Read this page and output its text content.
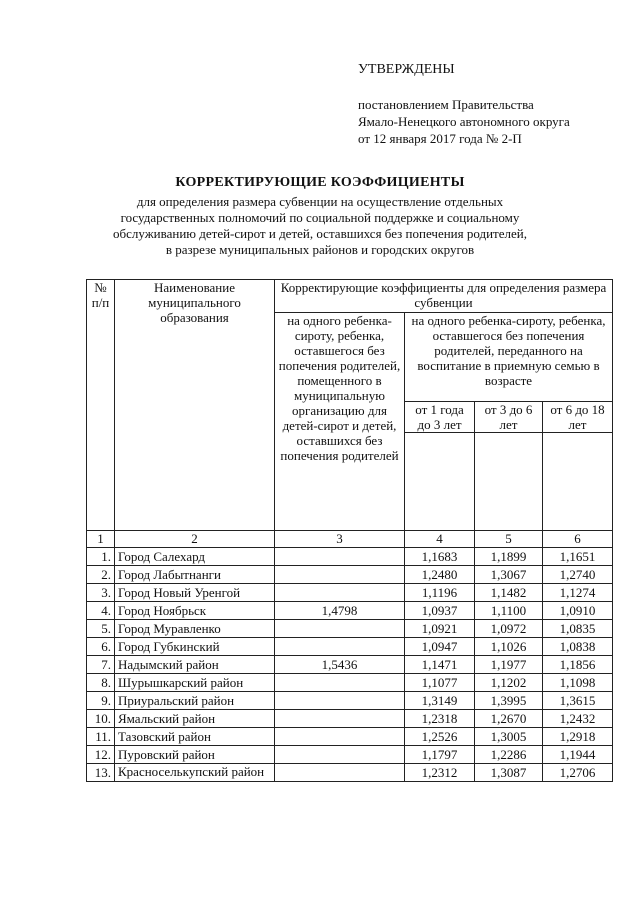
УТВЕРЖДЕНЫ
постановлением Правительства
Ямало-Ненецкого автономного округа
от 12 января 2017 года № 2-П
КОРРЕКТИРУЮЩИЕ КОЭФФИЦИЕНТЫ
для определения размера субвенции на осуществление отдельных
государственных полномочий по социальной поддержке и социальному
обслуживанию детей-сирот и детей, оставшихся без попечения родителей,
в разрезе муниципальных районов и городских округов
№ п/п	Наименование муниципального образования	Корректирующие коэффициенты для определения размера субвенции			
		на одного ребенка-сироту, ребенка, оставшегося без попечения родителей, помещенного в муниципальную организацию для детей-сирот и детей, оставшихся без попечения родителей	на одного ребенка-сироту, ребенка, оставшегося без попечения родителей, переданного на воспитание в приемную семью в возрасте		
			от 1 года до 3 лет	от 3 до 6 лет	от 6 до 18 лет

1	2	3	4	5	6
1.	Город Салехард		1,1683	1,1899	1,1651
2.	Город Лабытнанги		1,2480	1,3067	1,2740
3.	Город Новый Уренгой		1,1196	1,1482	1,1274
4.	Город Ноябрьск	1,4798	1,0937	1,1100	1,0910
5.	Город Муравленко		1,0921	1,0972	1,0835
6.	Город Губкинский		1,0947	1,1026	1,0838
7.	Надымский район	1,5436	1,1471	1,1977	1,1856
8.	Шурышкарский район		1,1077	1,1202	1,1098
9.	Приуральский район		1,3149	1,3995	1,3615
10.	Ямальский район		1,2318	1,2670	1,2432
11.	Тазовский район		1,2526	1,3005	1,2918
12.	Пуровский район		1,1797	1,2286	1,1944
13.	Красноселькупский район		1,2312	1,3087	1,2706
